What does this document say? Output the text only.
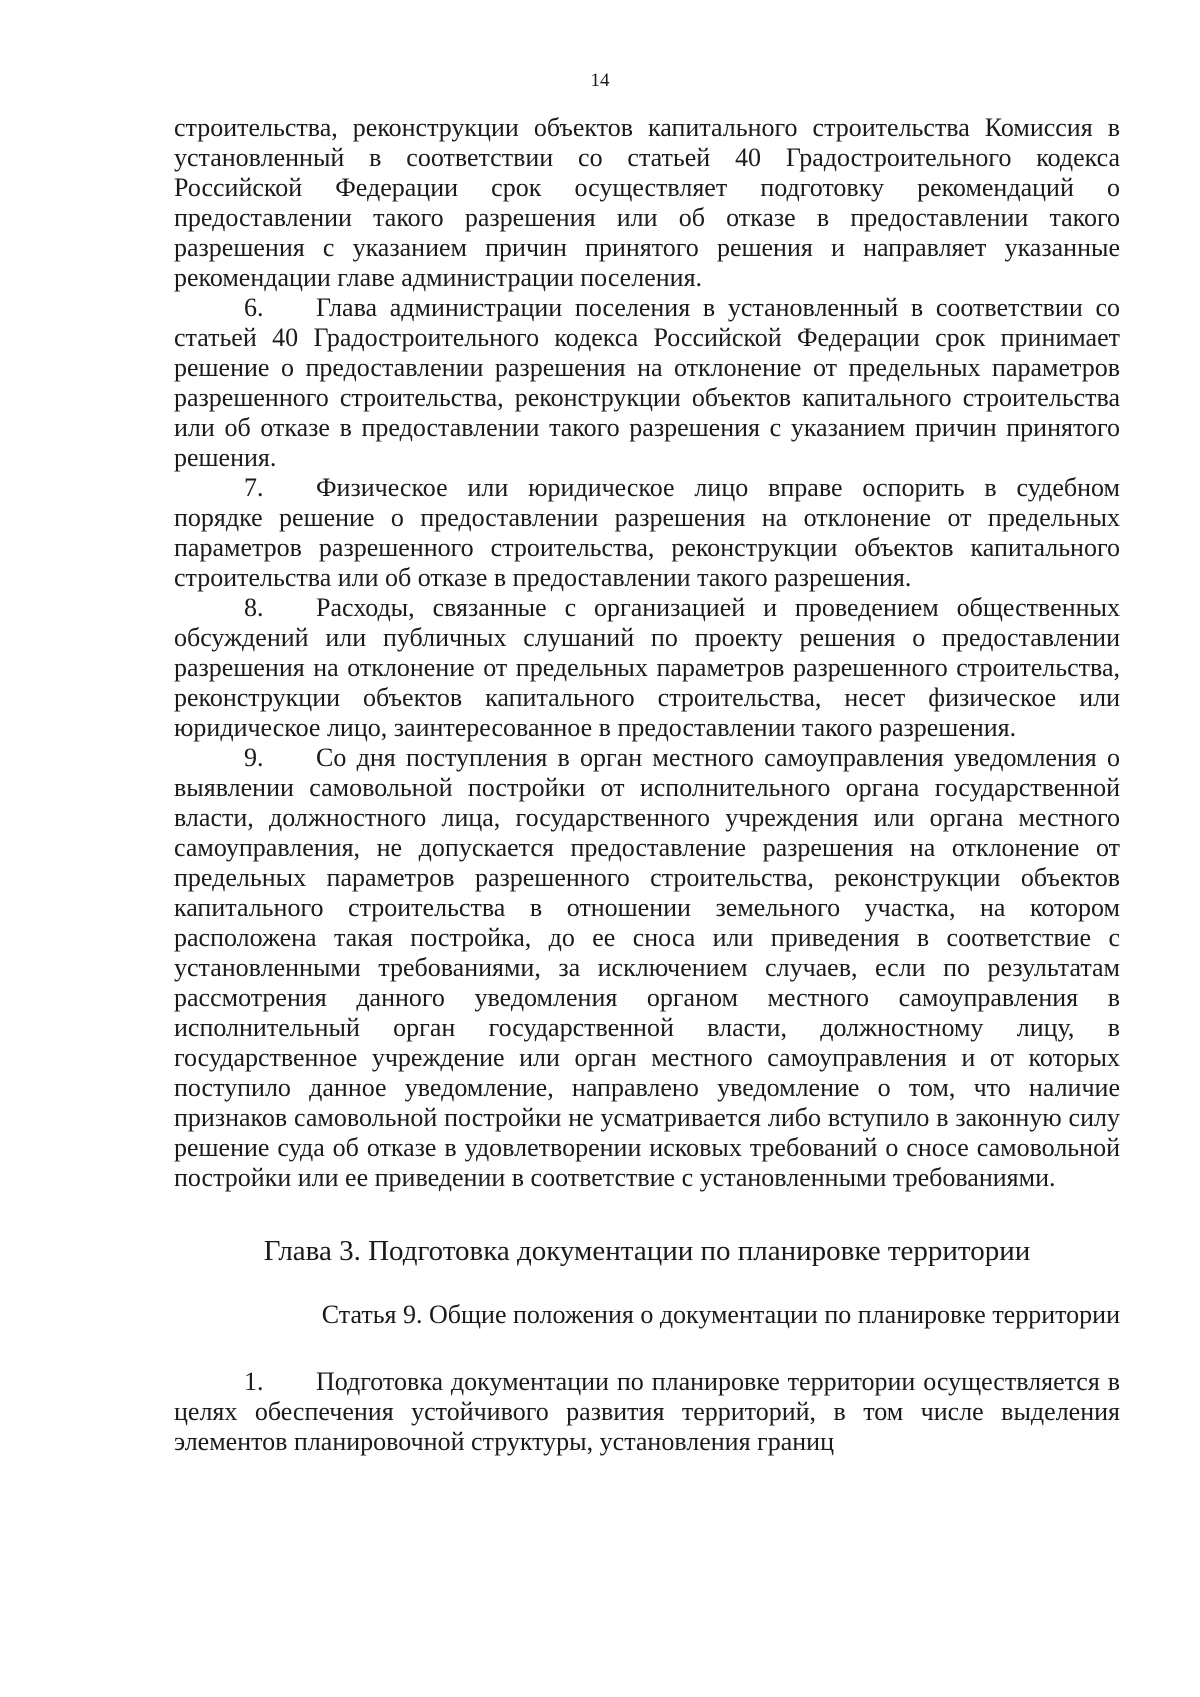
14

строительства, реконструкции объектов капитального строительства Комиссия в установленный в соответствии со статьей 40 Градостроительного кодекса Российской Федерации срок осуществляет подготовку рекомендаций о предоставлении такого разрешения или об отказе в предоставлении такого разрешения с указанием причин принятого решения и направляет указанные рекомендации главе администрации поселения.

6. Глава администрации поселения в установленный в соответствии со статьей 40 Градостроительного кодекса Российской Федерации срок принимает решение о предоставлении разрешения на отклонение от предельных параметров разрешенного строительства, реконструкции объектов капитального строительства или об отказе в предоставлении такого разрешения с указанием причин принятого решения.

7. Физическое или юридическое лицо вправе оспорить в судебном порядке решение о предоставлении разрешения на отклонение от предельных параметров разрешенного строительства, реконструкции объектов капитального строительства или об отказе в предоставлении такого разрешения.

8. Расходы, связанные с организацией и проведением общественных обсуждений или публичных слушаний по проекту решения о предоставлении разрешения на отклонение от предельных параметров разрешенного строительства, реконструкции объектов капитального строительства, несет физическое или юридическое лицо, заинтересованное в предоставлении такого разрешения.

9. Со дня поступления в орган местного самоуправления уведомления о выявлении самовольной постройки от исполнительного органа государственной власти, должностного лица, государственного учреждения или органа местного самоуправления, не допускается предоставление разрешения на отклонение от предельных параметров разрешенного строительства, реконструкции объектов капитального строительства в отношении земельного участка, на котором расположена такая постройка, до ее сноса или приведения в соответствие с установленными требованиями, за исключением случаев, если по результатам рассмотрения данного уведомления органом местного самоуправления в исполнительный орган государственной власти, должностному лицу, в государственное учреждение или орган местного самоуправления и от которых поступило данное уведомление, направлено уведомление о том, что наличие признаков самовольной постройки не усматривается либо вступило в законную силу решение суда об отказе в удовлетворении исковых требований о сносе самовольной постройки или ее приведении в соответствие с установленными требованиями.

Глава 3. Подготовка документации по планировке территории
Статья 9. Общие положения о документации по планировке территории

1. Подготовка документации по планировке территории осуществляется в целях обеспечения устойчивого развития территорий, в том числе выделения элементов планировочной структуры, установления границ
